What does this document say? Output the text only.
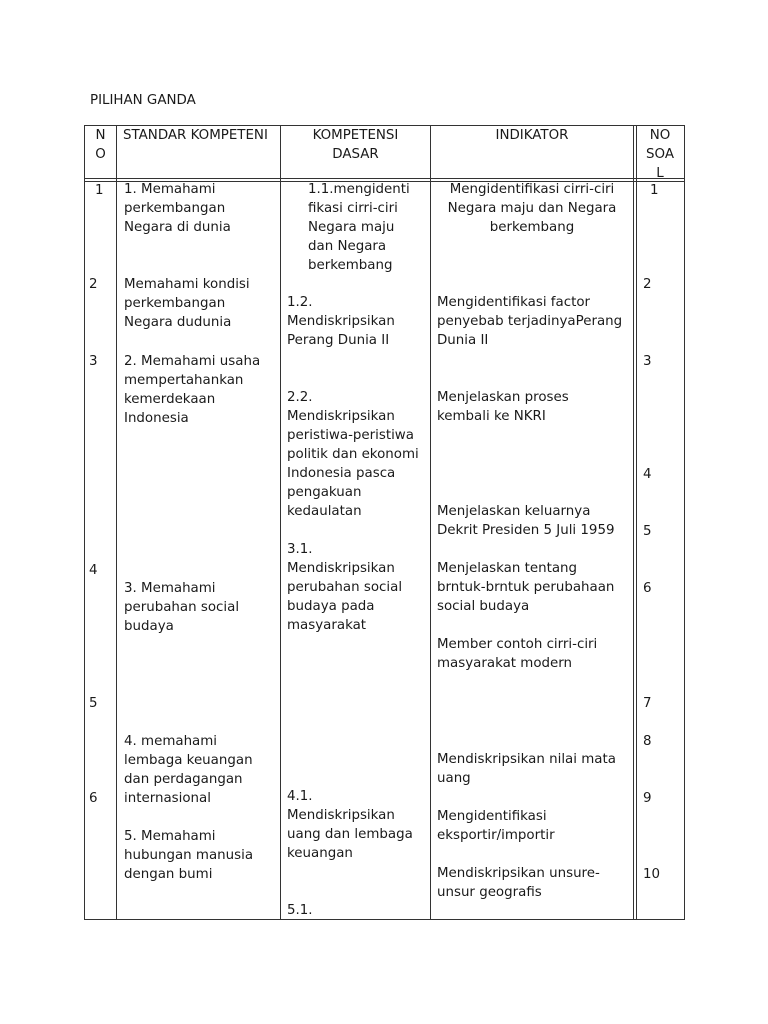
PILIHAN GANDA
N
O
STANDAR KOMPETENI	KOMPETENSI
DASAR
INDIKATOR	NO
SOA
L
1
2
3
4
5
6
1. Memahami
perkembangan
Negara di dunia
Memahami kondisi
perkembangan
Negara dudunia
2. Memahami usaha
mempertahankan
kemerdekaan
Indonesia
3. Memahami
perubahan social
budaya
4. memahami
lembaga keuangan
dan perdagangan
internasional
5. Memahami
hubungan manusia
dengan bumi
1.1.mengidenti
fikasi cirri-ciri
Negara maju
dan Negara
berkembang
1.2.
Mendiskripsikan
Perang Dunia II
2.2.
Mendiskripsikan
peristiwa-peristiwa
politik dan ekonomi
Indonesia pasca
pengakuan
kedaulatan
3.1.
Mendiskripsikan
perubahan social
budaya pada
masyarakat
4.1.
Mendiskripsikan
uang dan lembaga
keuangan
5.1.
Mengidentifikasi cirri-ciri
Negara maju dan Negara
berkembang
Mengidentifikasi factor
penyebab terjadinyaPerang
Dunia II
Menjelaskan proses
kembali ke NKRI
Menjelaskan keluarnya
Dekrit Presiden 5 Juli 1959
Menjelaskan tentang
brntuk-brntuk perubahaan
social budaya
Member contoh cirri-ciri
masyarakat modern
Mendiskripsikan nilai mata
uang
Mengidentifikasi
eksportir/importir
Mendiskripsikan unsure-
unsur geografis
1
2
3
4
5
6
7
8
9
10
